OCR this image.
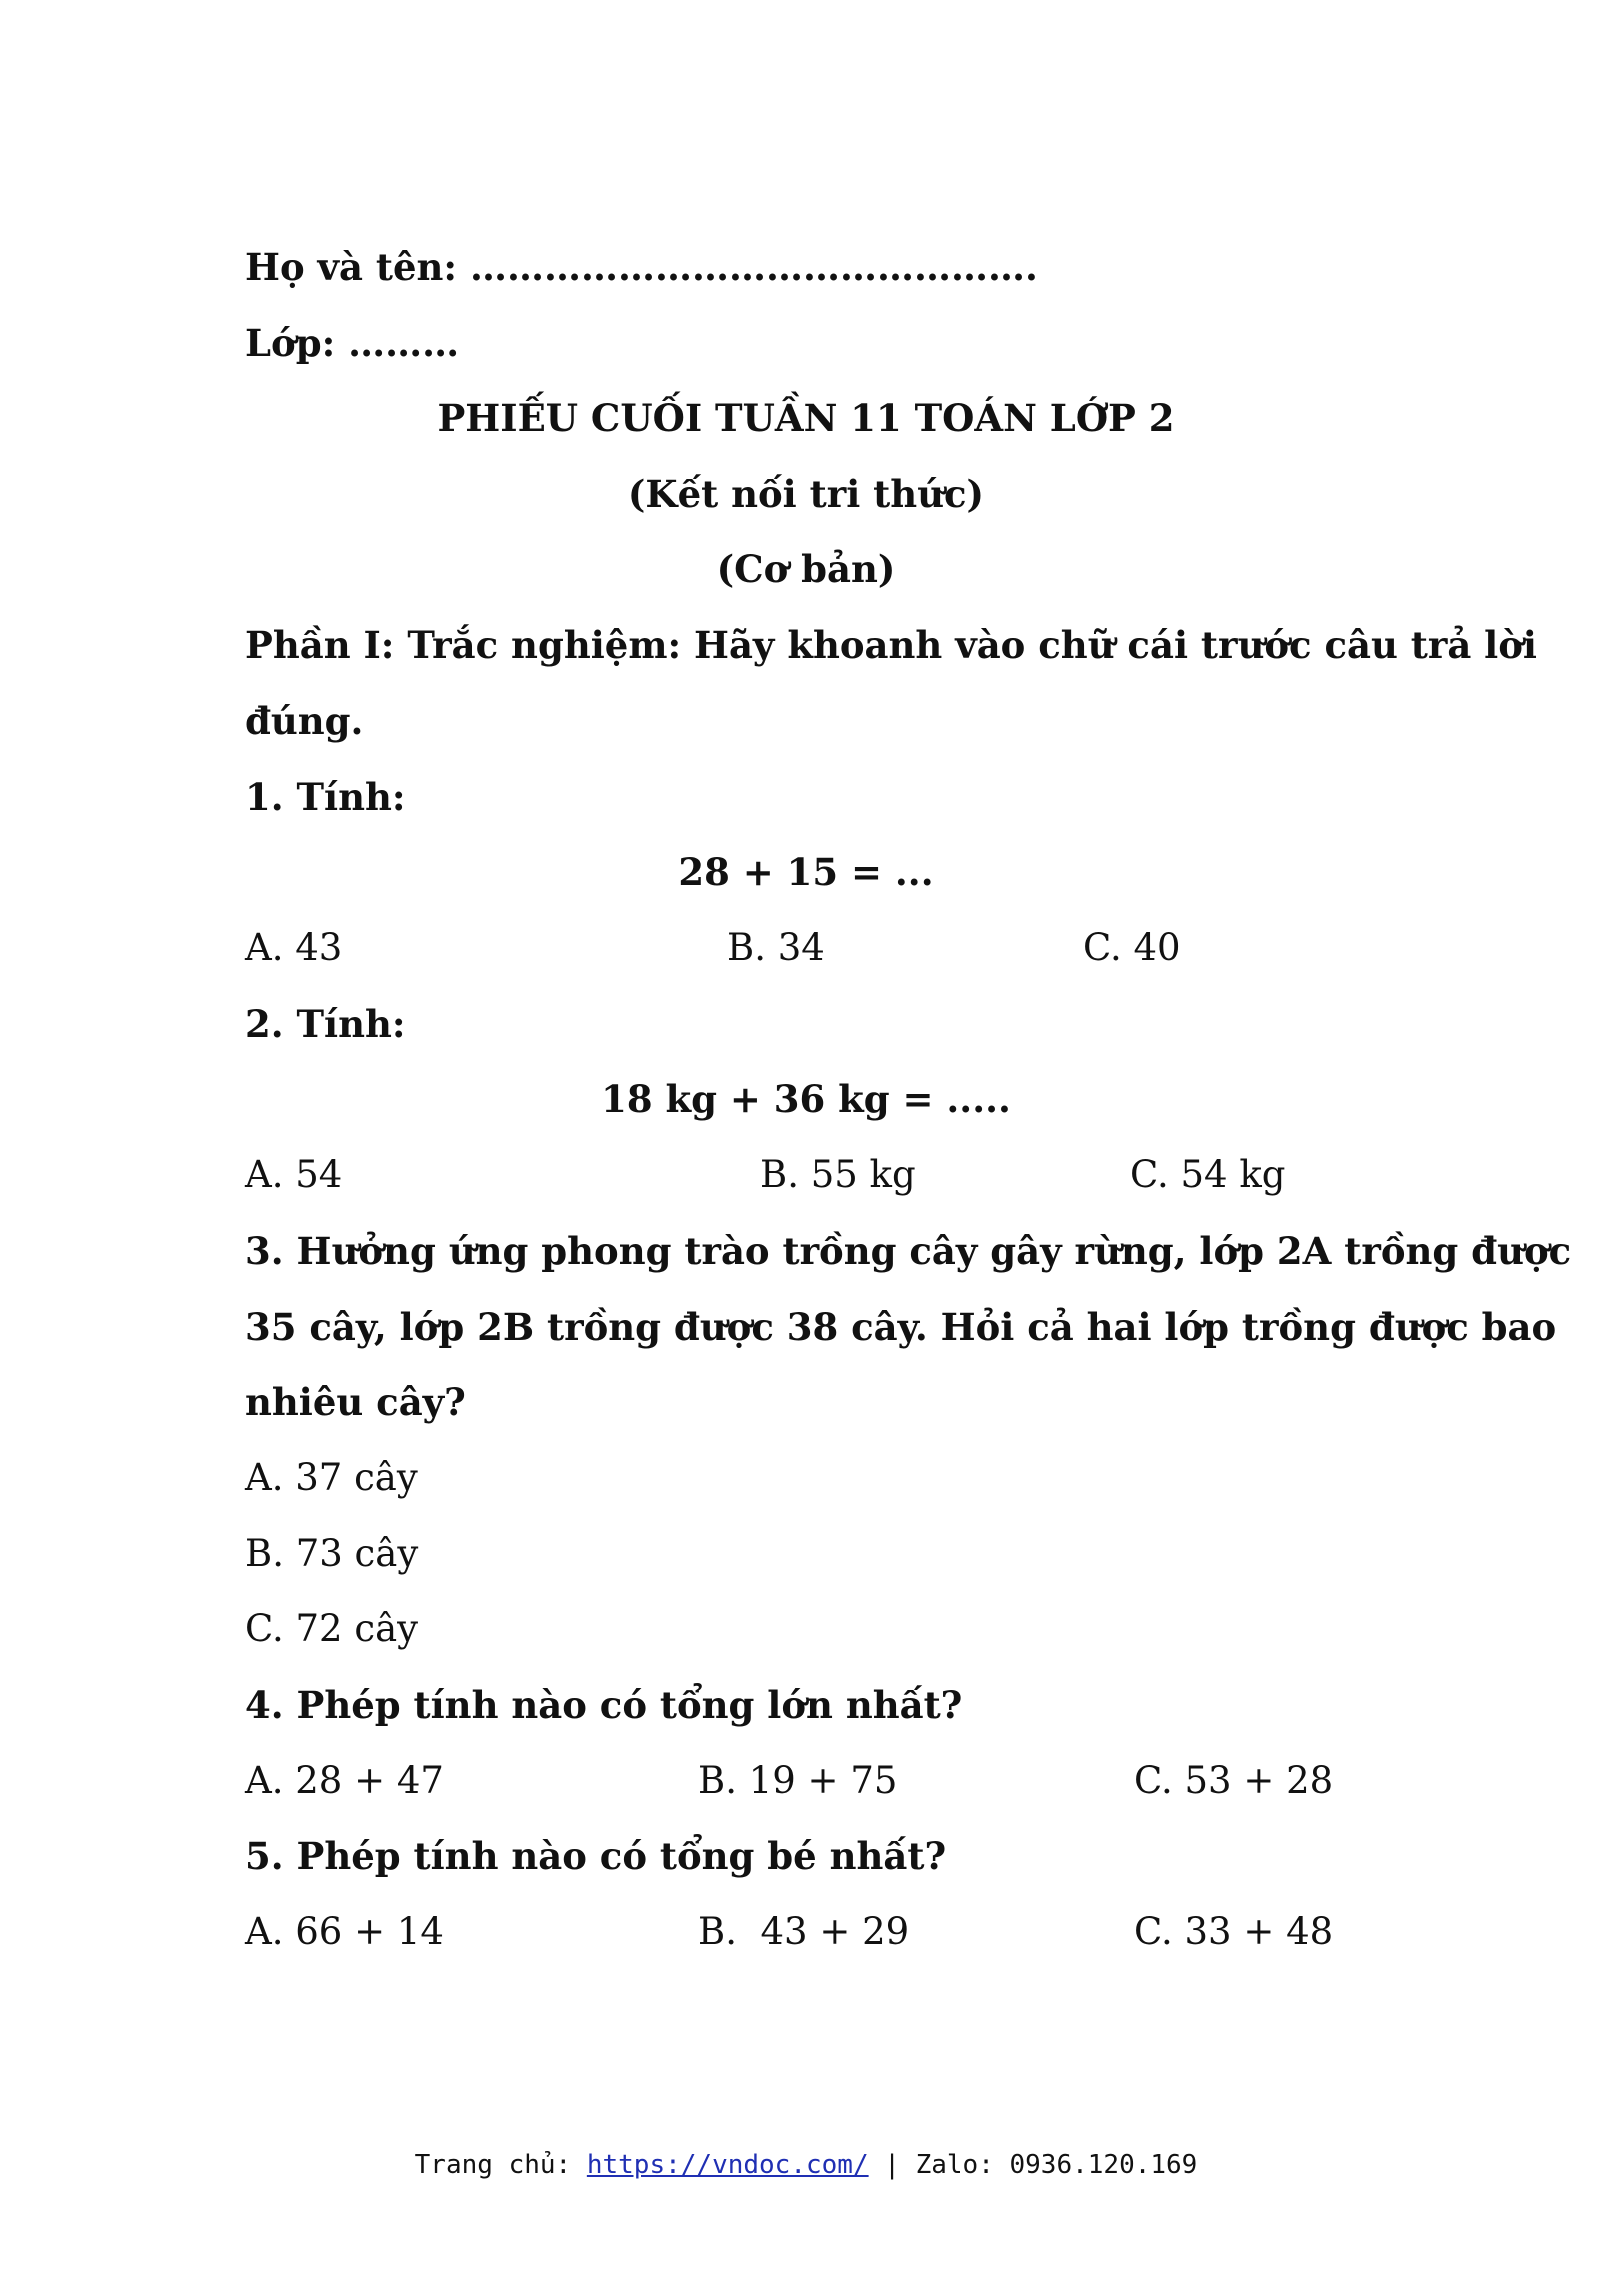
Họ và tên: ……………………………………….
Lớp: ………
PHIẾU CUỐI TUẦN 11 TOÁN LỚP 2
(Kết nối tri thức)
(Cơ bản)
Phần I: Trắc nghiệm: Hãy khoanh vào chữ cái trước câu trả lời
đúng.
1. Tính:
28 + 15 = ...
A. 43	B. 34	C. 40
2. Tính:
18 kg + 36 kg = .....
A. 54	B. 55 kg	C. 54 kg
3. Hưởng ứng phong trào trồng cây gây rừng, lớp 2A trồng được
35 cây, lớp 2B trồng được 38 cây. Hỏi cả hai lớp trồng được bao
nhiêu cây?
A. 37 cây
B. 73 cây
C. 72 cây
4. Phép tính nào có tổng lớn nhất?
A. 28 + 47	B. 19 + 75	C. 53 + 28
5. Phép tính nào có tổng bé nhất?
A. 66 + 14	B.  43 + 29	C. 33 + 48
Trang chủ: https://vndoc.com/ | Zalo: 0936.120.169
